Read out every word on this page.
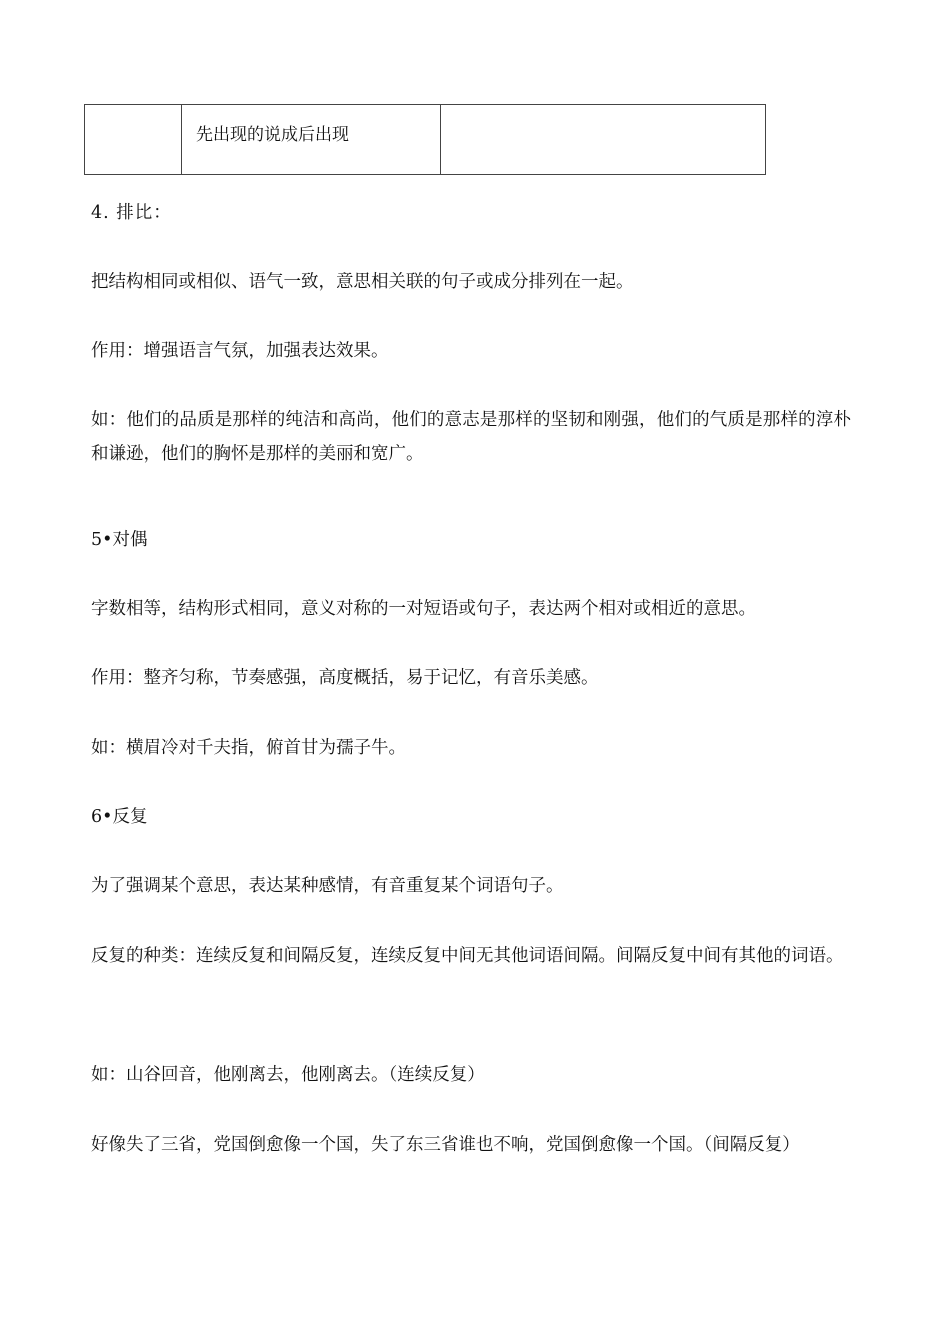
	先出现的说成后出现	
4. 排比：
把结构相同或相似、语气一致，意思相关联的句子或成分排列在一起。
作用：增强语言气氛，加强表达效果。
如：他们的品质是那样的纯洁和高尚，他们的意志是那样的坚韧和刚强，他们的气质是那样的淳朴和谦逊，他们的胸怀是那样的美丽和宽广。
5•对偶
字数相等，结构形式相同，意义对称的一对短语或句子，表达两个相对或相近的意思。
作用：整齐匀称，节奏感强，高度概括，易于记忆，有音乐美感。
如：横眉冷对千夫指，俯首甘为孺子牛。
6•反复
为了强调某个意思，表达某种感情，有音重复某个词语句子。
反复的种类：连续反复和间隔反复，连续反复中间无其他词语间隔。间隔反复中间有其他的词语。
如：山谷回音，他刚离去，他刚离去。（连续反复）
好像失了三省，党国倒愈像一个国，失了东三省谁也不响，党国倒愈像一个国。（间隔反复）
